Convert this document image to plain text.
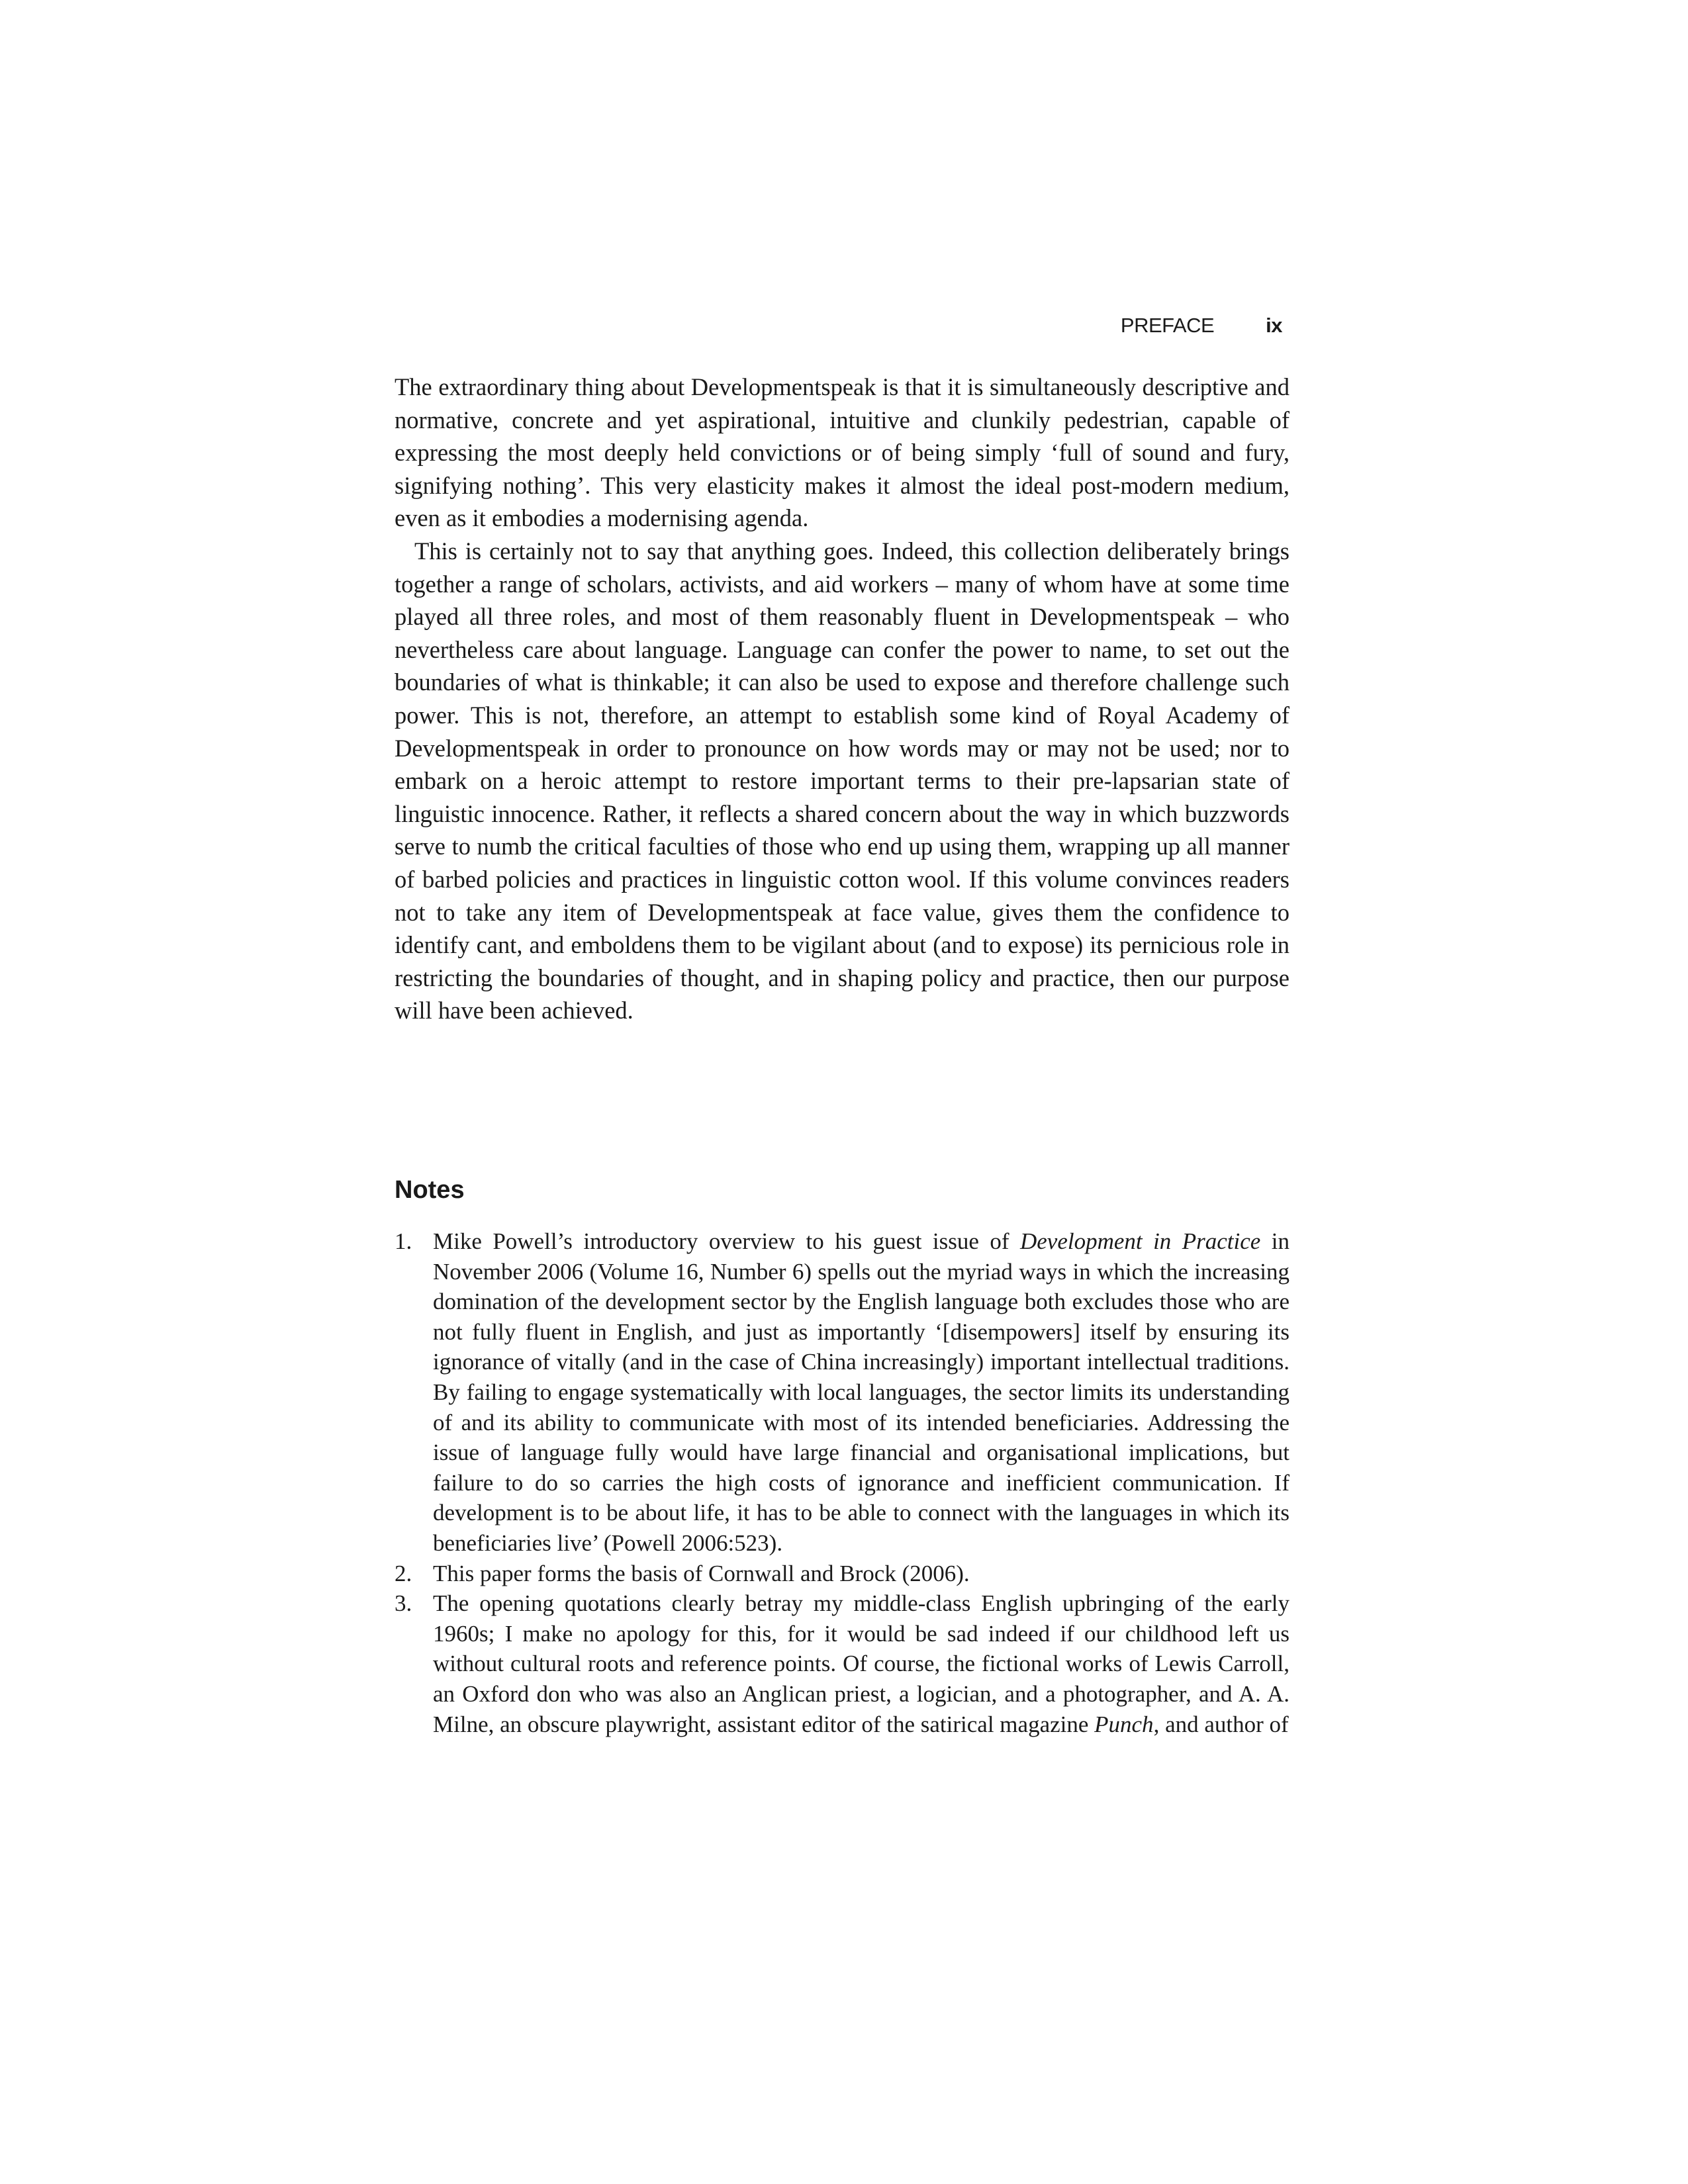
PREFACE	ix

The extraordinary thing about Developmentspeak is that it is simultaneously descriptive and normative, concrete and yet aspirational, intuitive and clunkily pedestrian, capable of expressing the most deeply held convictions or of being simply ‘full of sound and fury, signifying nothing’. This very elasticity makes it almost the ideal post-modern medium, even as it embodies a modernising agenda.

This is certainly not to say that anything goes. Indeed, this collection deliberately brings together a range of scholars, activists, and aid workers – many of whom have at some time played all three roles, and most of them reasonably fluent in Developmentspeak – who nevertheless care about language. Language can confer the power to name, to set out the boundaries of what is thinkable; it can also be used to expose and therefore challenge such power. This is not, therefore, an attempt to establish some kind of Royal Academy of Developmentspeak in order to pronounce on how words may or may not be used; nor to embark on a heroic attempt to restore important terms to their pre-lapsarian state of linguistic innocence. Rather, it reflects a shared concern about the way in which buzzwords serve to numb the critical faculties of those who end up using them, wrapping up all manner of barbed policies and practices in linguistic cotton wool. If this volume convinces readers not to take any item of Developmentspeak at face value, gives them the confidence to identify cant, and emboldens them to be vigilant about (and to expose) its pernicious role in restricting the boundaries of thought, and in shaping policy and practice, then our purpose will have been achieved.

Notes
1. Mike Powell’s introductory overview to his guest issue of Development in Practice in November 2006 (Volume 16, Number 6) spells out the myriad ways in which the increasing domination of the development sector by the English language both excludes those who are not fully fluent in English, and just as importantly ‘[disempowers] itself by ensuring its ignorance of vitally (and in the case of China increasingly) important intellectual traditions. By failing to engage systematically with local languages, the sector limits its understanding of and its ability to communicate with most of its intended beneficiaries. Addressing the issue of language fully would have large financial and organisational implications, but failure to do so carries the high costs of ignorance and inefficient communication. If development is to be about life, it has to be able to connect with the languages in which its beneficiaries live’ (Powell 2006:523).
2. This paper forms the basis of Cornwall and Brock (2006).
3. The opening quotations clearly betray my middle-class English upbringing of the early 1960s; I make no apology for this, for it would be sad indeed if our childhood left us without cultural roots and reference points. Of course, the fictional works of Lewis Carroll, an Oxford don who was also an Anglican priest, a logician, and a photographer, and A. A. Milne, an obscure playwright, assistant editor of the satirical magazine Punch, and author of
